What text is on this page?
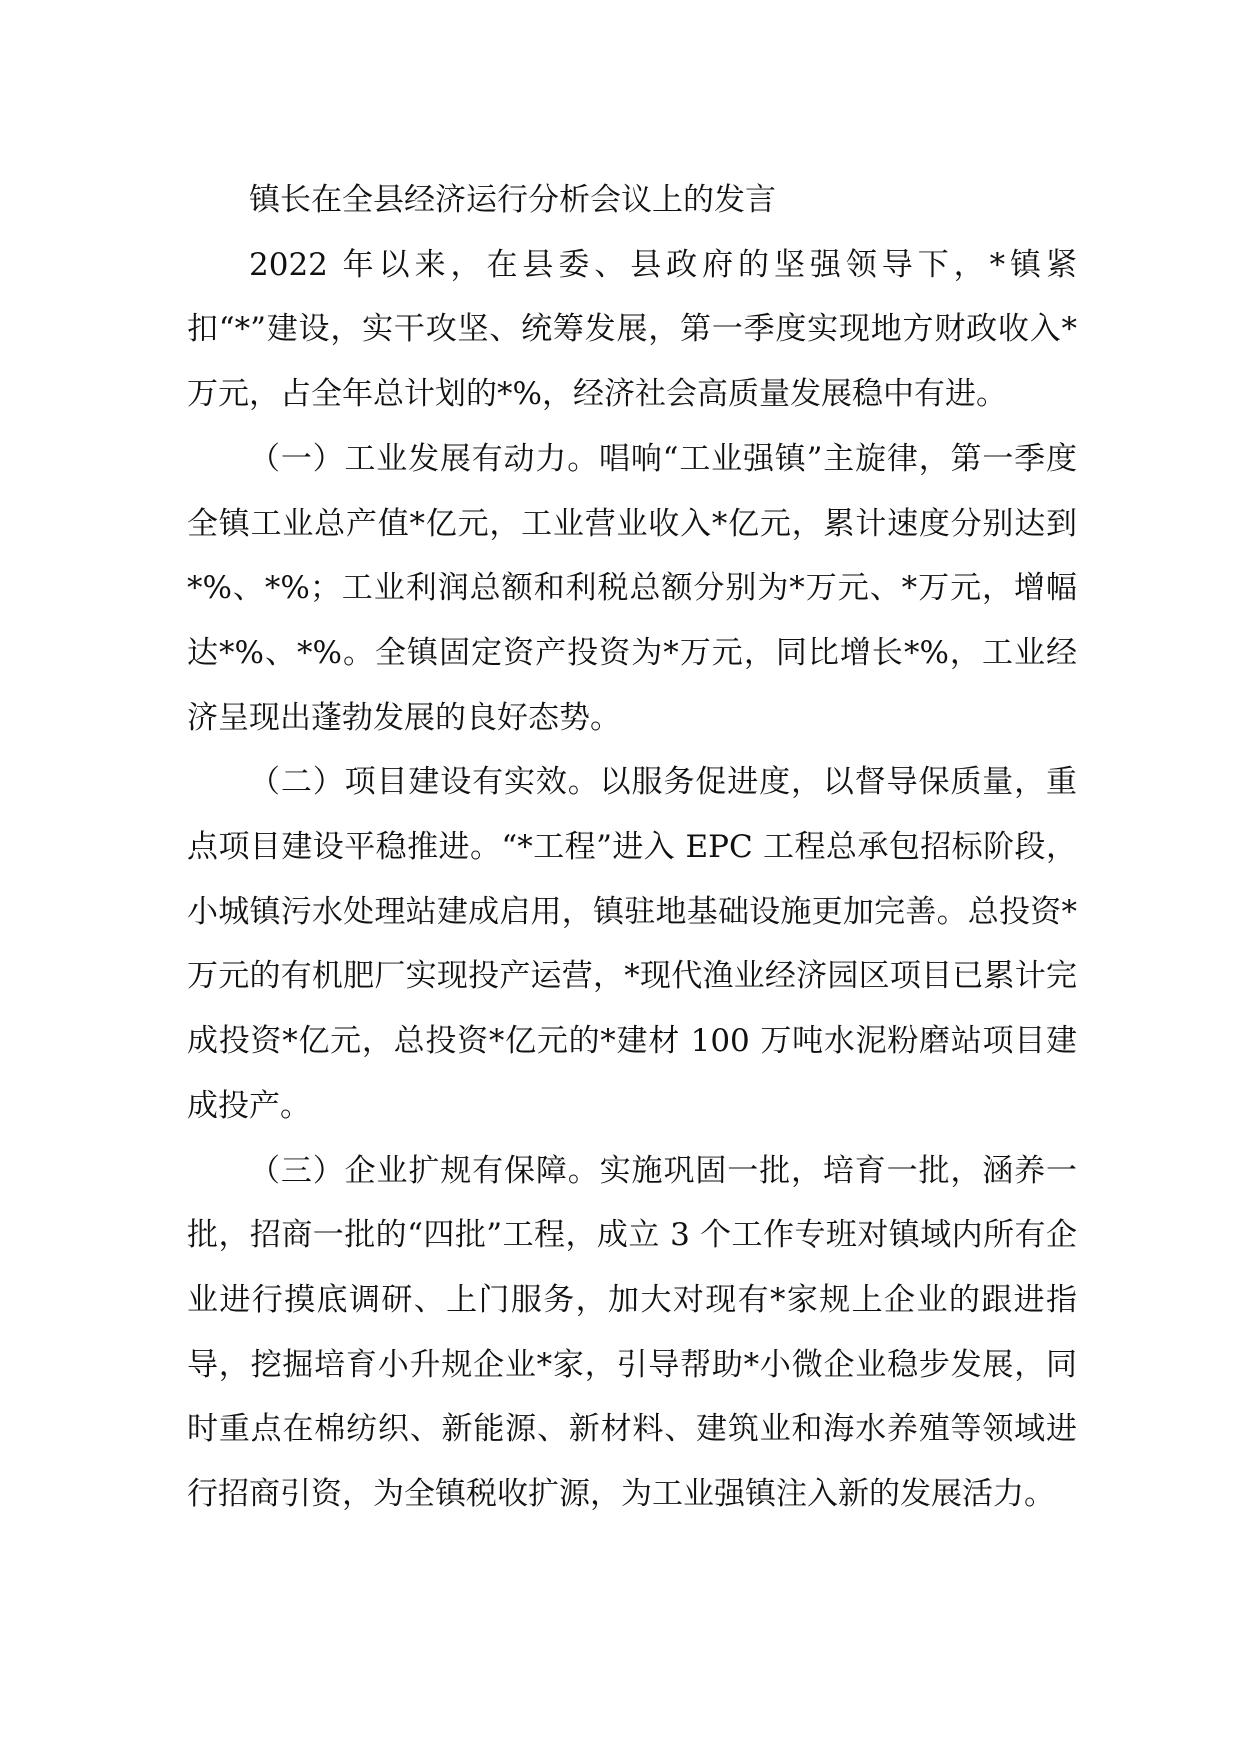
镇长在全县经济运行分析会议上的发言

2022 年以来，在县委、县政府的坚强领导下，*镇紧扣“*”建设，实干攻坚、统筹发展，第一季度实现地方财政收入*万元，占全年总计划的*%，经济社会高质量发展稳中有进。

（一）工业发展有动力。唱响“工业强镇”主旋律，第一季度全镇工业总产值*亿元，工业营业收入*亿元，累计速度分别达到*%、*%；工业利润总额和利税总额分别为*万元、*万元，增幅达*%、*%。全镇固定资产投资为*万元，同比增长*%，工业经济呈现出蓬勃发展的良好态势。

（二）项目建设有实效。以服务促进度，以督导保质量，重点项目建设平稳推进。“*工程”进入 EPC 工程总承包招标阶段，小城镇污水处理站建成启用，镇驻地基础设施更加完善。总投资*万元的有机肥厂实现投产运营，*现代渔业经济园区项目已累计完成投资*亿元，总投资*亿元的*建材 100 万吨水泥粉磨站项目建成投产。

（三）企业扩规有保障。实施巩固一批，培育一批，涵养一批，招商一批的“四批”工程，成立 3 个工作专班对镇域内所有企业进行摸底调研、上门服务，加大对现有*家规上企业的跟进指导，挖掘培育小升规企业*家，引导帮助*小微企业稳步发展，同时重点在棉纺织、新能源、新材料、建筑业和海水养殖等领域进行招商引资，为全镇税收扩源，为工业强镇注入新的发展活力。
